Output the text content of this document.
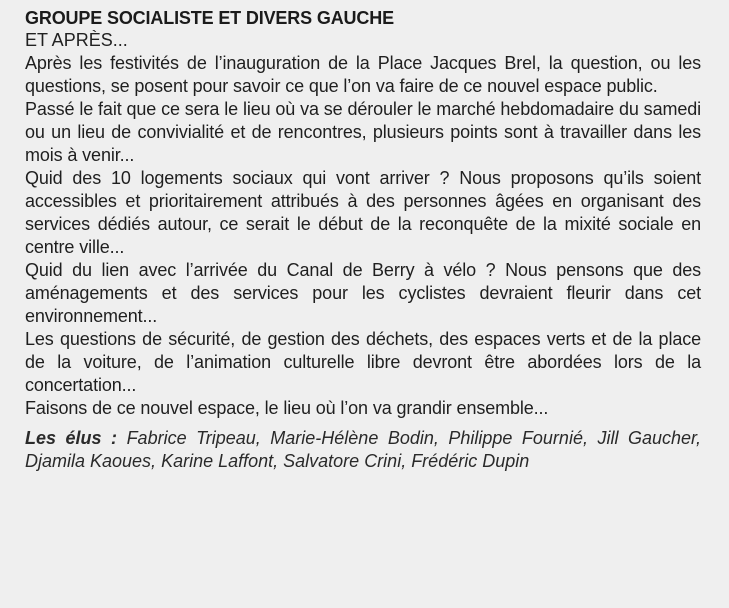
GROUPE SOCIALISTE ET DIVERS GAUCHE
ET APRÈS...

Après les festivités de l’inauguration de la Place Jacques Brel, la question, ou les questions, se posent pour savoir ce que l’on va faire de ce nouvel espace public.

Passé le fait que ce sera le lieu où va se dérouler le marché hebdomadaire du samedi ou un lieu de convivialité et de rencontres, plusieurs points sont à travailler dans les mois à venir...

Quid des 10 logements sociaux qui vont arriver ? Nous proposons qu’ils soient accessibles et prioritairement attribués à des personnes âgées en organisant des services dédiés autour, ce serait le début de la reconquête de la mixité sociale en centre ville...

Quid du lien avec l’arrivée du Canal de Berry à vélo ? Nous pensons que des aménagements et des services pour les cyclistes devraient fleurir dans cet environnement...

Les questions de sécurité, de gestion des déchets, des espaces verts et de la place de la voiture, de l’animation culturelle libre devront être abordées lors de la concertation...

Faisons de ce nouvel espace, le lieu où l’on va grandir ensemble...

Les élus : Fabrice Tripeau, Marie-Hélène Bodin, Philippe Fournié, Jill Gaucher, Djamila Kaoues, Karine Laffont, Salvatore Crini, Frédéric Dupin
